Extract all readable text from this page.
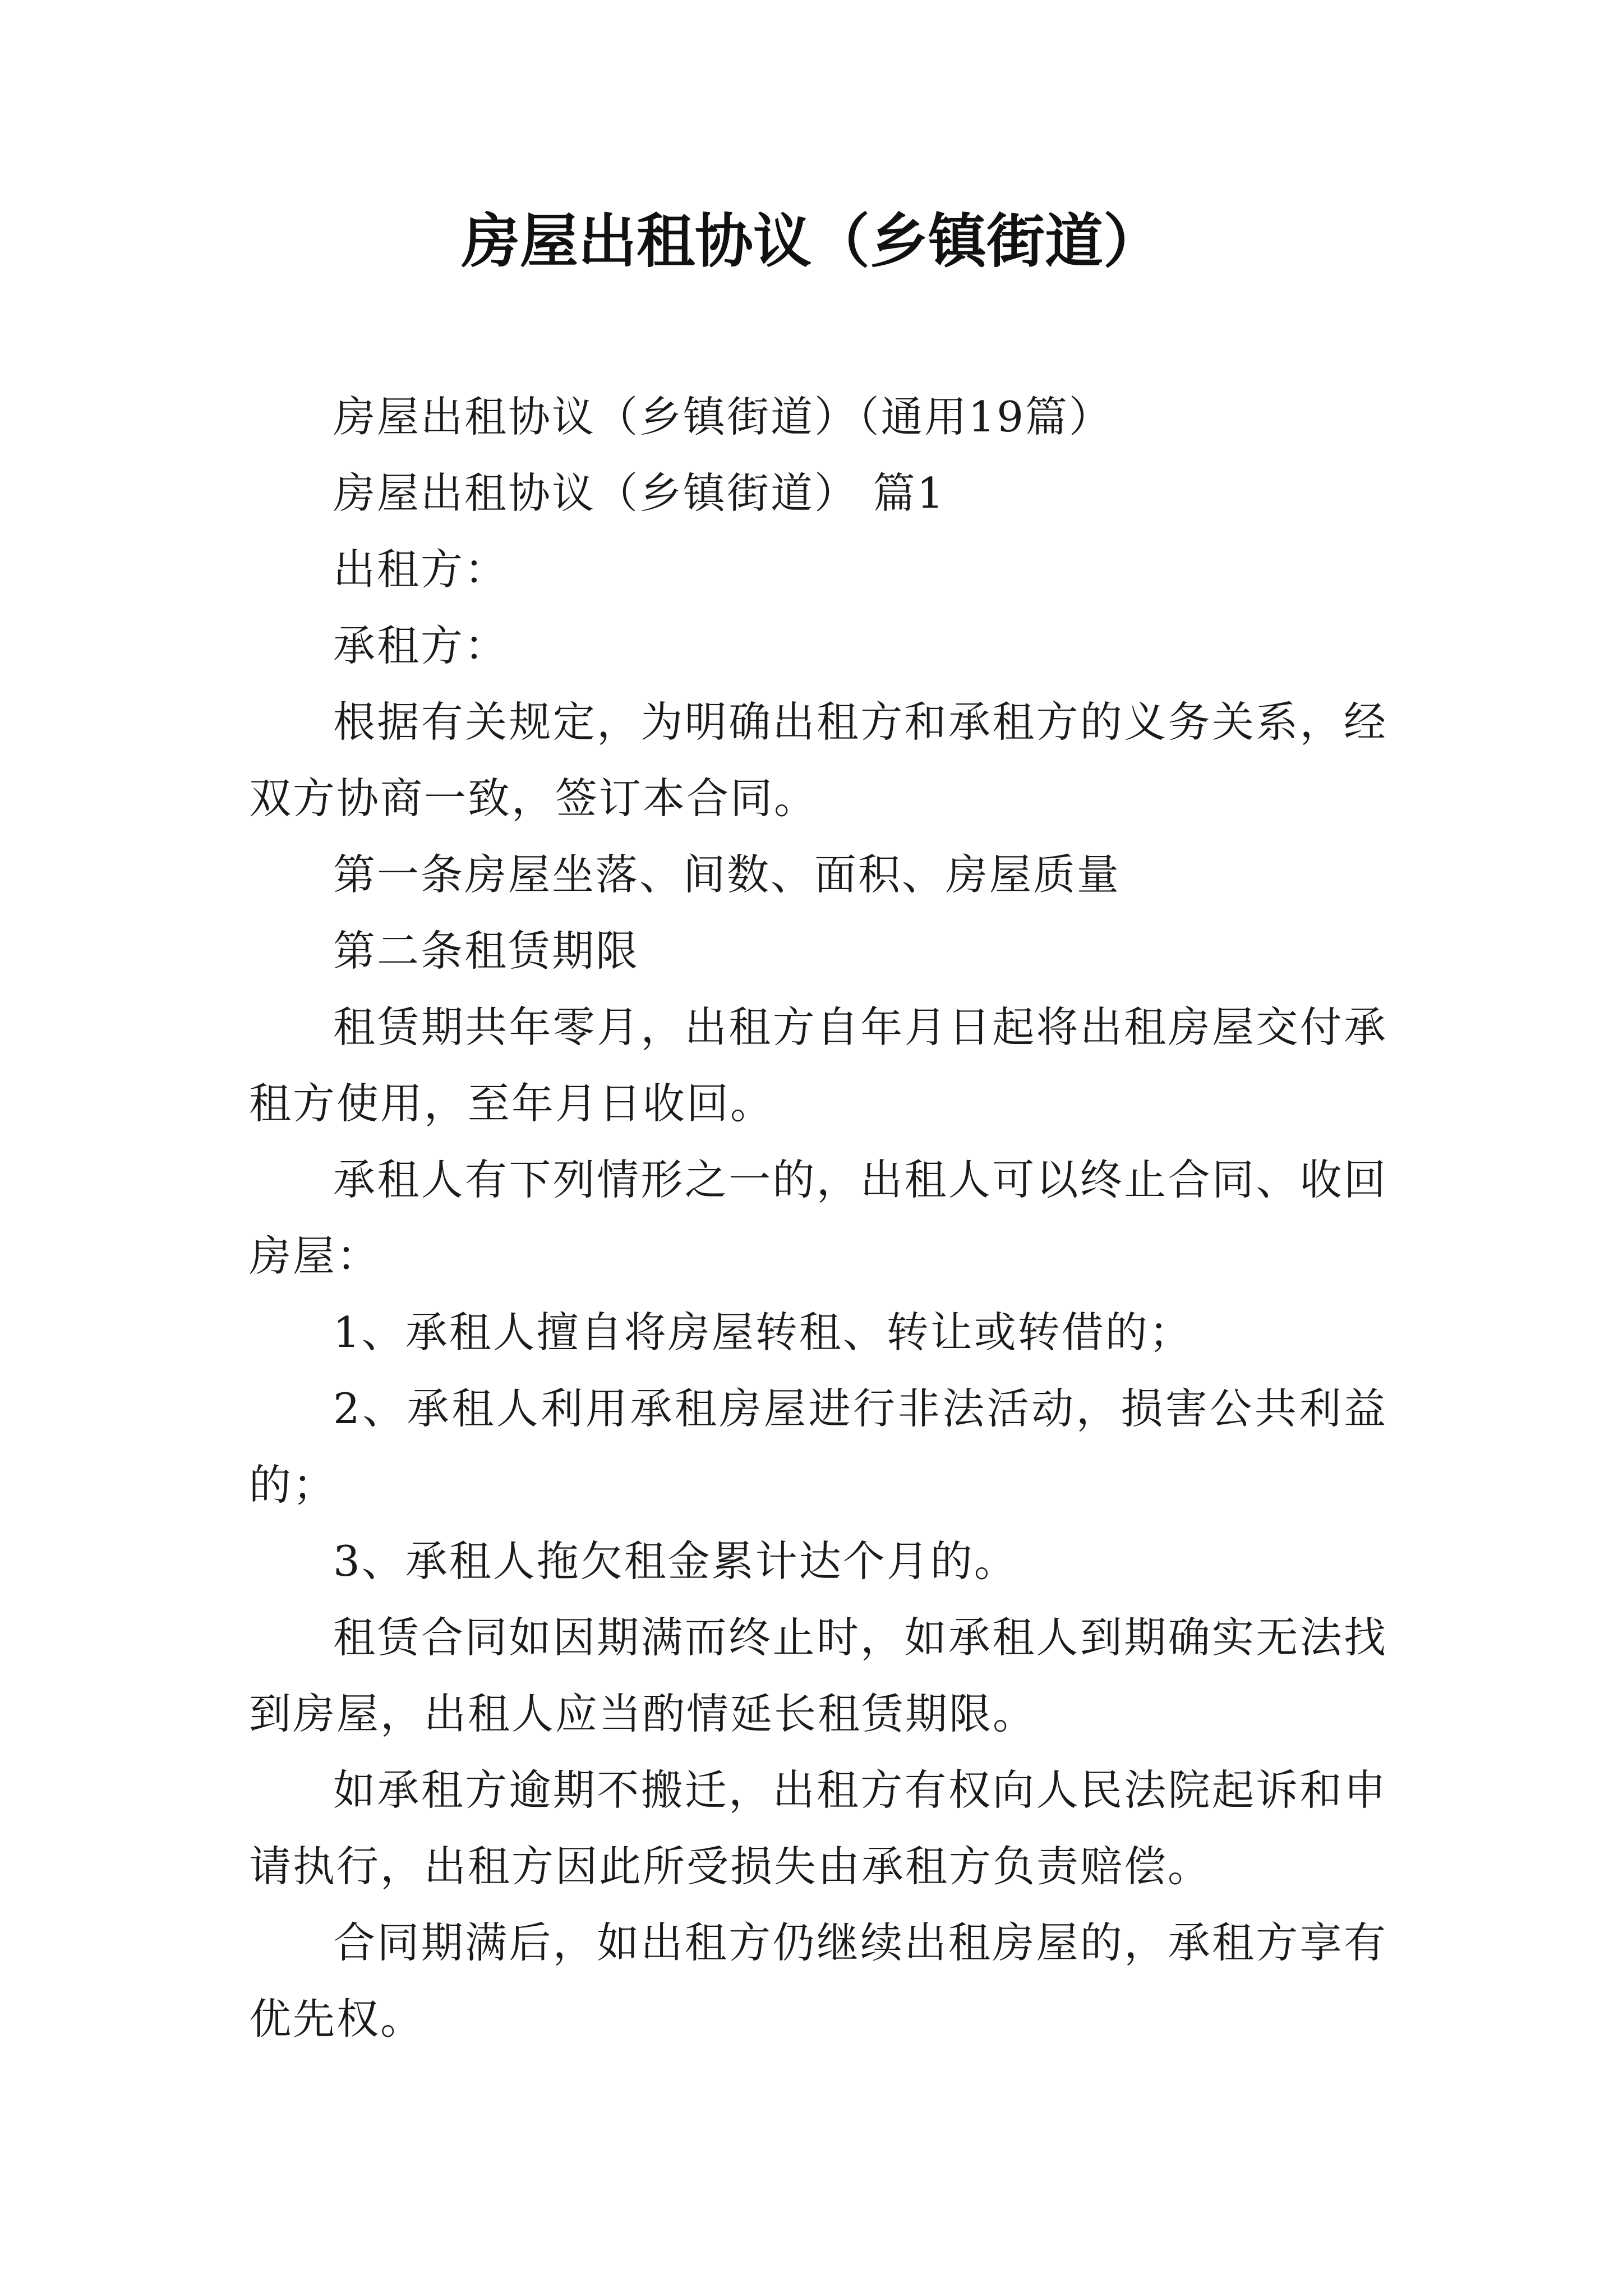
房屋出租协议（乡镇街道）

房屋出租协议（乡镇街道）（通用19篇）

房屋出租协议（乡镇街道） 篇1

出租方：

承租方：

根据有关规定，为明确出租方和承租方的义务关系，经双方协商一致，签订本合同。

第一条房屋坐落、间数、面积、房屋质量

第二条租赁期限

租赁期共年零月，出租方自年月日起将出租房屋交付承租方使用，至年月日收回。

承租人有下列情形之一的，出租人可以终止合同、收回房屋：

1、承租人擅自将房屋转租、转让或转借的；

2、承租人利用承租房屋进行非法活动，损害公共利益的；

3、承租人拖欠租金累计达个月的。

租赁合同如因期满而终止时，如承租人到期确实无法找到房屋，出租人应当酌情延长租赁期限。

如承租方逾期不搬迁，出租方有权向人民法院起诉和申请执行，出租方因此所受损失由承租方负责赔偿。

合同期满后，如出租方仍继续出租房屋的，承租方享有优先权。
